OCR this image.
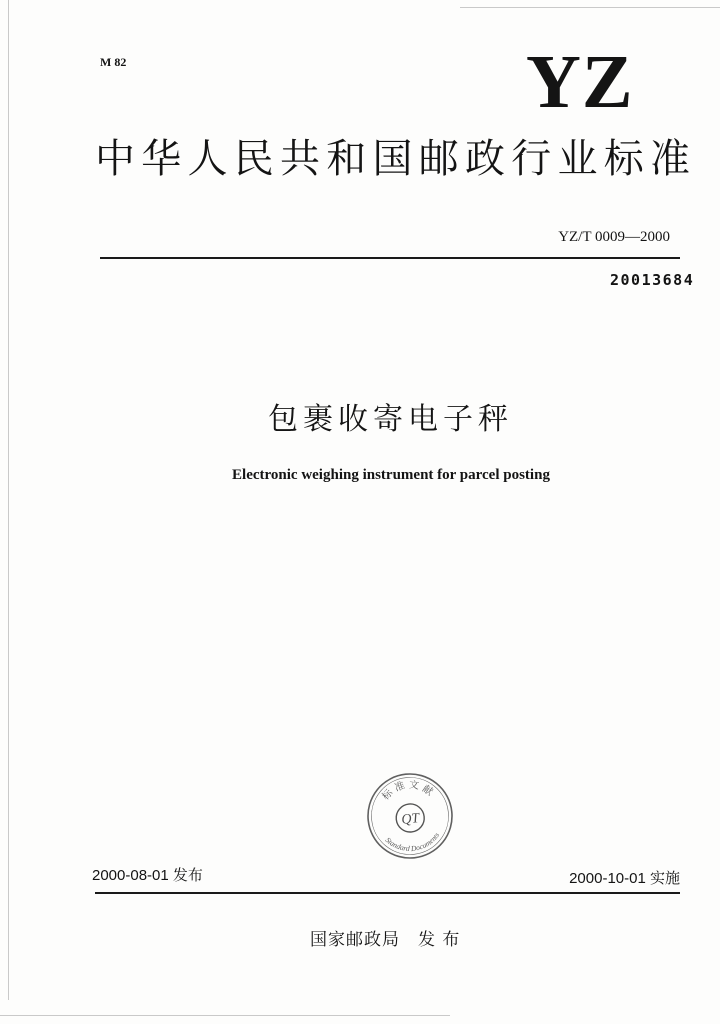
M 82	YZ
中华人民共和国邮政行业标准
YZ/T 0009—2000
20013684
包裹收寄电子秤
Electronic weighing instrument for parcel posting
标 准 文 献
Standard Documents
QT
2000-08-01 发布	2000-10-01 实施
国家邮政局　发 布
